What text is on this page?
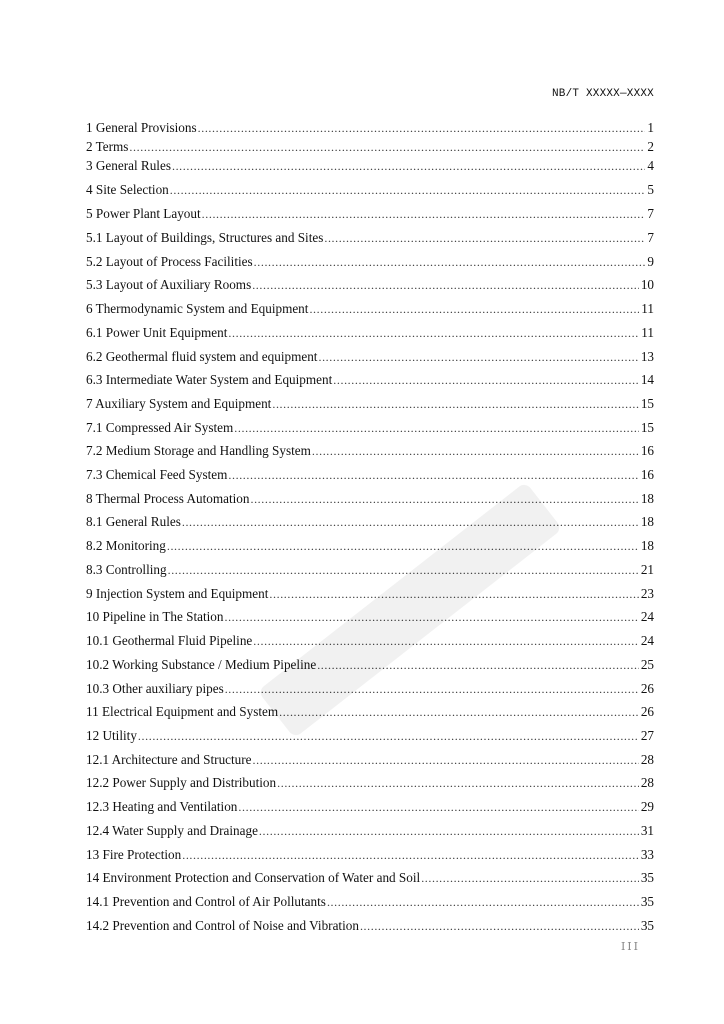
NB/T XXXXX—XXXX
1 General Provisions .....	1
2 Terms .....	2
3 General Rules .....	4
4 Site Selection .....	5
5 Power Plant Layout .....	7
5.1 Layout of Buildings, Structures and Sites .....	7
5.2 Layout of Process Facilities .....	9
5.3 Layout of Auxiliary Rooms .....	10
6 Thermodynamic System and Equipment .....	11
6.1 Power Unit Equipment .....	11
6.2 Geothermal fluid system and equipment .....	13
6.3 Intermediate Water System and Equipment .....	14
7 Auxiliary System and Equipment .....	15
7.1 Compressed Air System .....	15
7.2 Medium Storage and Handling System .....	16
7.3 Chemical Feed System .....	16
8 Thermal Process Automation .....	18
8.1 General Rules .....	18
8.2 Monitoring .....	18
8.3 Controlling .....	21
9 Injection System and Equipment .....	23
10 Pipeline in The Station .....	24
10.1 Geothermal Fluid Pipeline .....	24
10.2 Working Substance / Medium Pipeline .....	25
10.3 Other auxiliary pipes .....	26
11 Electrical Equipment and System .....	26
12 Utility .....	27
12.1 Architecture and Structure .....	28
12.2 Power Supply and Distribution .....	28
12.3 Heating and Ventilation .....	29
12.4 Water Supply and Drainage .....	31
13 Fire Protection .....	33
14 Environment Protection and Conservation of Water and Soil .....	35
14.1 Prevention and Control of Air Pollutants .....	35
14.2 Prevention and Control of Noise and Vibration .....	35
III
